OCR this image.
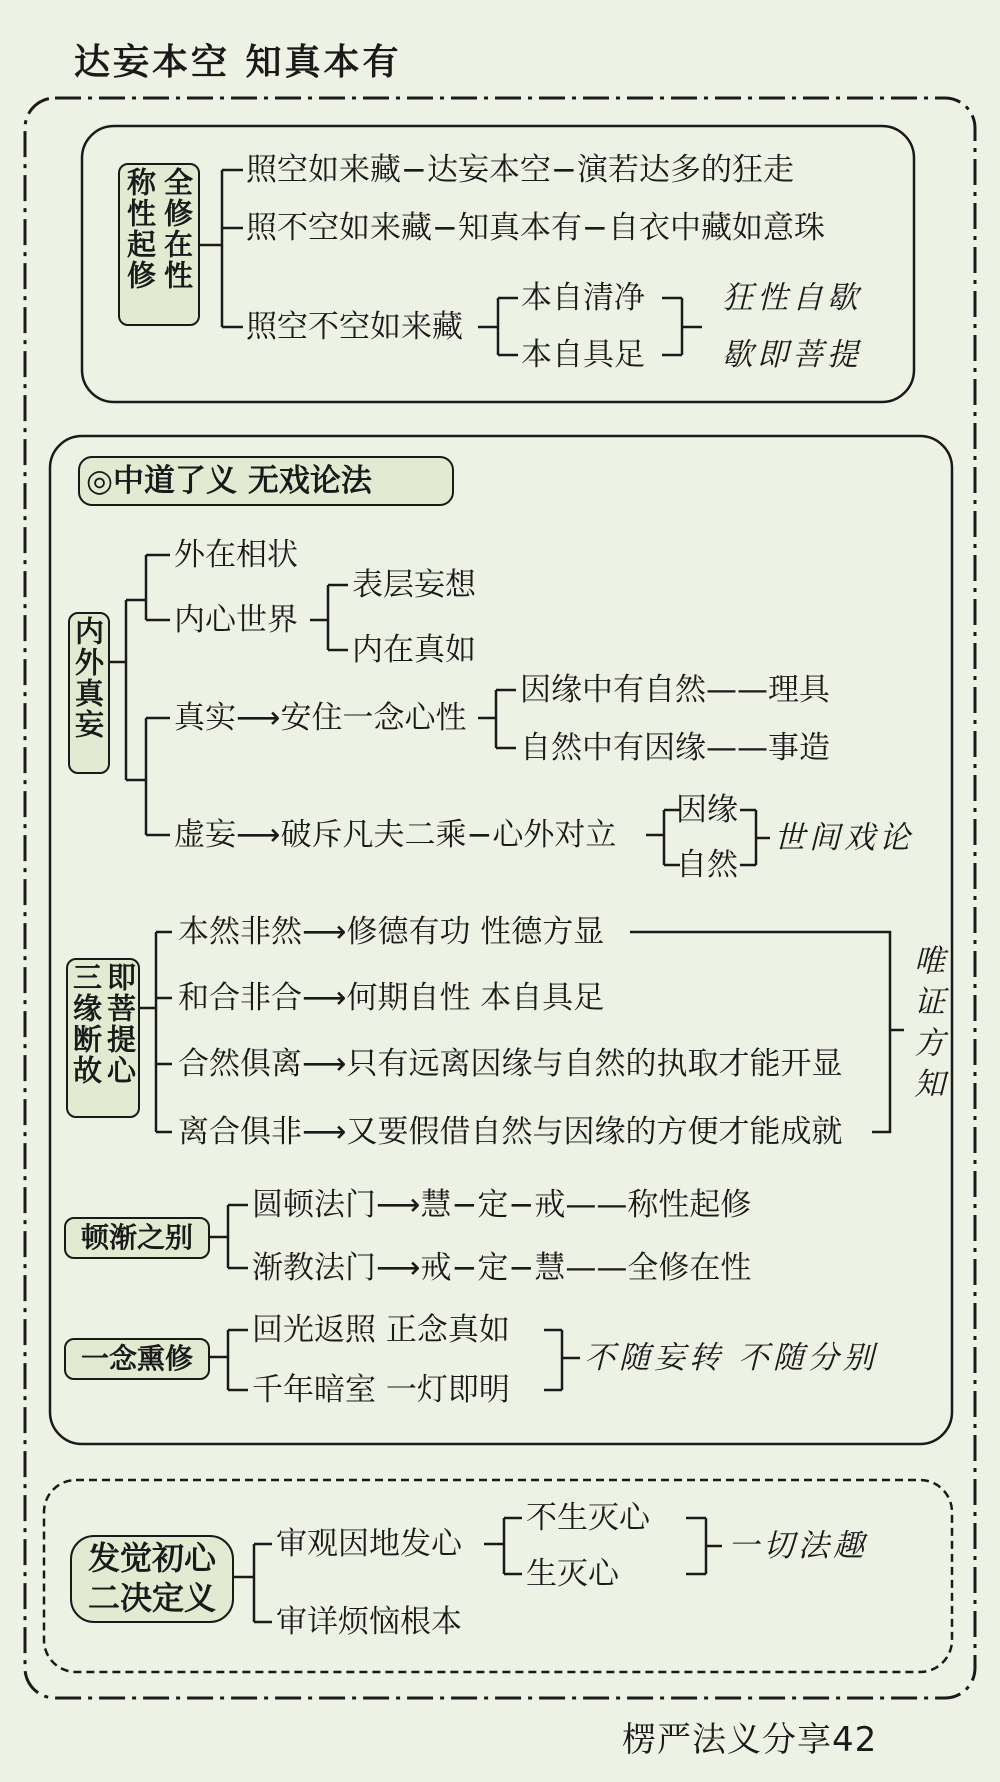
达妄本空 知真本有
称性起修 全修在性 照空如来藏−达妄本空−演若达多的狂走
照不空如来藏−知真本有−自衣中藏如意珠
照空不空如来藏
本自清净
本自具足
狂性自歇
歇即菩提
◎中道了义 无戏论法
内外真妄
外在相状
内心世界
表层妄想
内在真如
真实⟶安住一念心性
因缘中有自然——理具
自然中有因缘——事造
虚妄⟶破斥凡夫二乘−心外对立
因缘
自然
世间戏论
三缘断故 即菩提心
本然非然⟶修德有功 性德方显
和合非合⟶何期自性 本自具足
合然俱离⟶只有远离因缘与自然的执取才能开显
离合俱非⟶又要假借自然与因缘的方便才能成就
唯证方知
顿渐之别
圆顿法门⟶慧−定−戒——称性起修
渐教法门⟶戒−定−慧——全修在性
一念熏修
回光返照 正念真如
千年暗室 一灯即明
不随妄转 不随分别
发觉初心
二决定义
审观因地发心
不生灭心
生灭心
一切法趣
审详烦恼根本
楞严法义分享42
